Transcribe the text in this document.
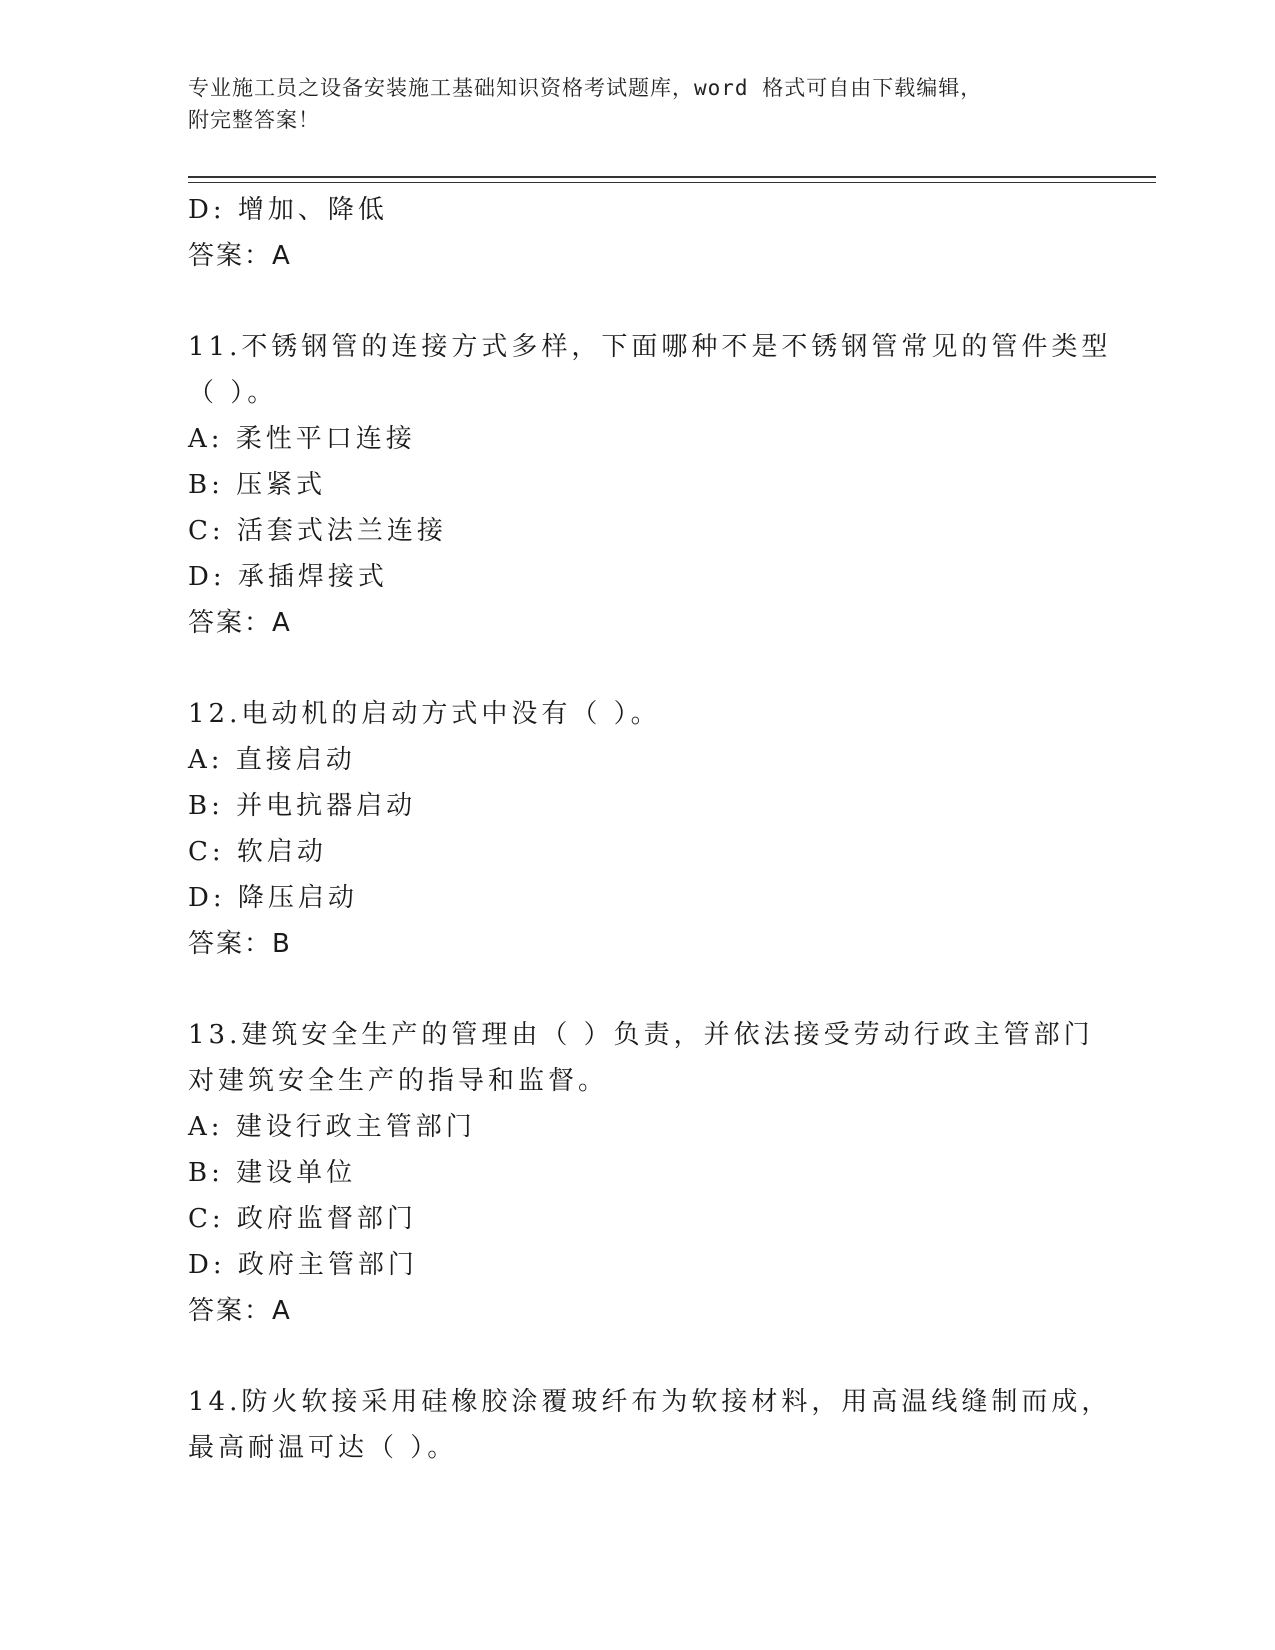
专业施工员之设备安装施工基础知识资格考试题库，word 格式可自由下载编辑，
附完整答案！
D: 增加、降低
答案：A
11.不锈钢管的连接方式多样，下面哪种不是不锈钢管常见的管件类型
（ ）。
A: 柔性平口连接
B: 压紧式
C: 活套式法兰连接
D: 承插焊接式
答案：A
12.电动机的启动方式中没有（ ）。
A: 直接启动
B: 并电抗器启动
C: 软启动
D: 降压启动
答案：B
13.建筑安全生产的管理由（ ）负责，并依法接受劳动行政主管部门
对建筑安全生产的指导和监督。
A: 建设行政主管部门
B: 建设单位
C: 政府监督部门
D: 政府主管部门
答案：A
14.防火软接采用硅橡胶涂覆玻纤布为软接材料，用高温线缝制而成，
最高耐温可达（ ）。
